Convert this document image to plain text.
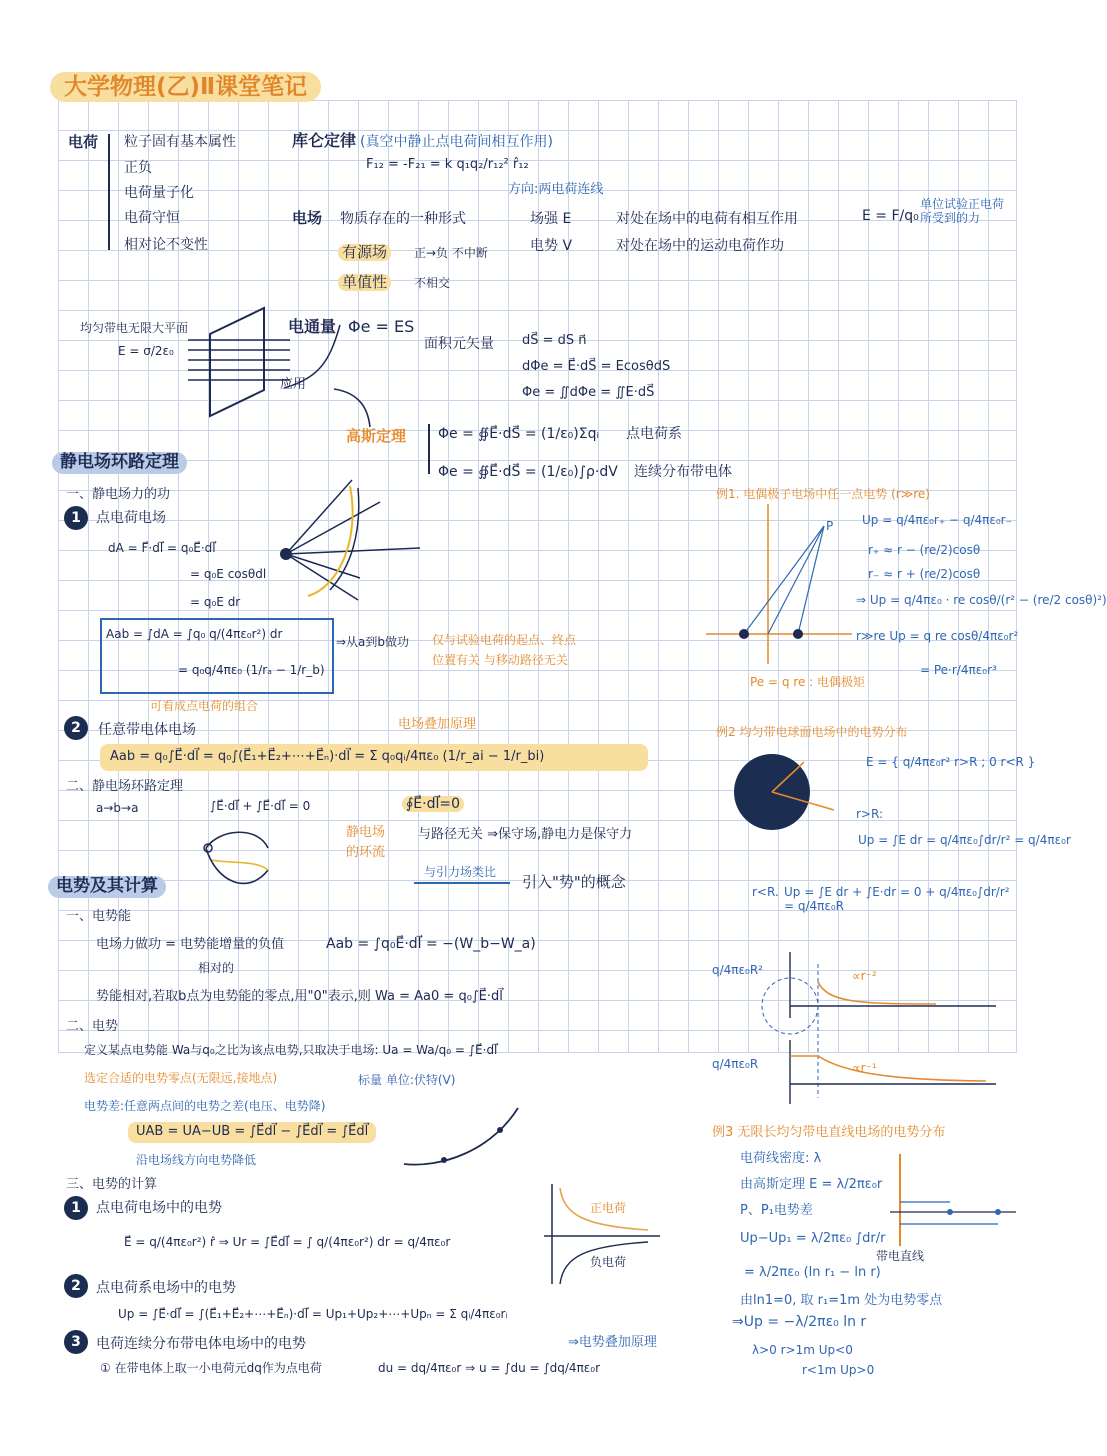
大学物理(乙)Ⅱ课堂笔记
电荷 粒子固有基本属性
正负
电荷量子化
电荷守恒
相对论不变性
库仑定律 (真空中静止点电荷间相互作用)
F₁₂ = -F₂₁ = k q₁q₂/r₁₂² r̂₁₂
方向:两电荷连线
电场 物质存在的一种形式	场强 E	对处在场中的电荷有相互作用	E = F/q₀
单位试验正电荷所受到的力
电势 V	对处在场中的运动电荷作功
有源场	正→负 不中断
单值性	不相交
均匀带电无限大平面
E = σ/2ε₀
应用
电通量 Φe = ES
面积元矢量 dS⃗ = dS n⃗
dΦe = E⃗·dS⃗ = EcosθdS
Φe = ∬dΦe = ∬E·dS⃗
高斯定理 Φe = ∯E⃗·dS⃗ = (1/ε₀)Σqᵢ 点电荷系
Φe = ∯E⃗·dS⃗ = (1/ε₀)∫ρ·dV 连续分布带电体
静电场环路定理
一、静电场力的功
1	点电荷电场
dA = F⃗·dl⃗ = q₀E⃗·dl⃗
= q₀E cosθdl
= q₀E dr
Aab = ∫dA = ∫q₀ q/(4πε₀r²) dr
= q₀q/4πε₀ (1/rₐ − 1/r_b)
⇒从a到b做功 仅与试验电荷的起点、终点
位置有关 与移动路径无关
可看成点电荷的组合
2	任意带电体电场	电场叠加原理
Aab = q₀∫E⃗·dl⃗ = q₀∫(E⃗₁+E⃗₂+⋯+E⃗ₙ)·dl⃗ = Σ q₀qᵢ/4πε₀ (1/r_ai − 1/r_bi)
二、静电场环路定理
a→b→a	∫E⃗·dl⃗ + ∫E⃗·dl⃗ = 0	∮E⃗·dl⃗=0
静电场
的环流
与路径无关 ⇒保守场,静电力是保守力
与引力场类比
引入"势"的概念
电势及其计算
一、电势能
电场力做功 = 电势能增量的负值
相对的
Aab = ∫q₀E⃗·dl⃗ = −(W_b−W_a)
势能相对,若取b点为电势能的零点,用"0"表示,则 Wa = Aa0 = q₀∫E⃗·dl⃗
二、电势
定义某点电势能 Wa与q₀之比为该点电势,只取决于电场: Ua = Wa/q₀ = ∫E⃗·dl⃗
选定合适的电势零点(无限远,接地点)	标量 单位:伏特(V)
电势差:任意两点间的电势之差(电压、电势降)
UAB = UA−UB = ∫E⃗dl⃗ − ∫E⃗dl⃗ = ∫E⃗dl⃗
沿电场线方向电势降低
三、电势的计算
1	点电荷电场中的电势
E⃗ = q/(4πε₀r²) r̂ ⇒ Ur = ∫E⃗dl⃗ = ∫ q/(4πε₀r²) dr = q/4πε₀r
正电荷
负电荷
2	点电荷系电场中的电势
Up = ∫E⃗·dl⃗ = ∫(E⃗₁+E⃗₂+⋯+E⃗ₙ)·dl⃗ = Up₁+Up₂+⋯+Upₙ = Σ qᵢ/4πε₀rᵢ
⇒电势叠加原理
3	电荷连续分布带电体电场中的电势
① 在带电体上取一小电荷元dq作为点电荷	du = dq/4πε₀r ⇒ u = ∫du = ∫dq/4πε₀r
例1. 电偶极子电场中任一点电势 (r≫re)
P Up = q/4πε₀r₊ − q/4πε₀r₋
r₊ ≈ r − (re/2)cosθ
r₋ ≈ r + (re/2)cosθ
⇒ Up = q/4πε₀ · re cosθ/(r² − (re/2 cosθ)²)
r≫re Up = q re cosθ/4πε₀r²
= Pe·r/4πε₀r³
Pe = q re : 电偶极矩
例2 均匀带电球面电场中的电势分布
E = { q/4πε₀r² r>R ; 0 r<R }
r>R:
Up = ∫E dr = q/4πε₀∫dr/r² = q/4πε₀r
r<R. Up = ∫E dr + ∫E·dr = 0 + q/4πε₀∫dr/r² = q/4πε₀R
q/4πε₀R²	∝r⁻²
q/4πε₀R	∝r⁻¹
例3 无限长均匀带电直线电场的电势分布
电荷线密度: λ
由高斯定理 E = λ/2πε₀r
P、P₁电势差
Up−Up₁ = λ/2πε₀ ∫dr/r
= λ/2πε₀ (ln r₁ − ln r)
由ln1=0, 取 r₁=1m 处为电势零点
⇒Up = −λ/2πε₀ ln r
λ>0 r>1m Up<0
r<1m Up>0
带电直线
